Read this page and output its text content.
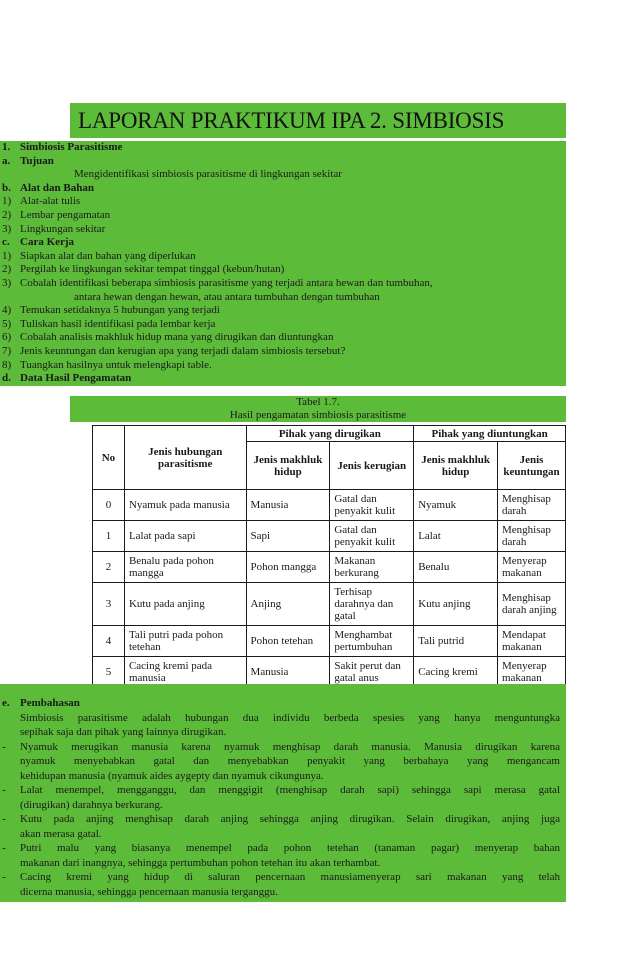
LAPORAN PRAKTIKUM IPA 2. SIMBIOSIS
1. Simbiosis Parasitisme
a. Tujuan
Mengidentifikasi simbiosis parasitisme di lingkungan sekitar
b. Alat dan Bahan
1) Alat-alat tulis
2) Lembar pengamatan
3) Lingkungan sekitar
c. Cara Kerja
1) Siapkan alat dan bahan yang diperlukan
2) Pergilah ke lingkungan sekitar tempat tinggal (kebun/hutan)
3) Cobalah identifikasi beberapa simbiosis parasitisme yang terjadi antara hewan dan tumbuhan,
antara hewan dengan hewan, atau antara tumbuhan dengan tumbuhan
4) Temukan setidaknya 5 hubungan yang terjadi
5) Tuliskan hasil identifikasi pada lembar kerja
6) Cobalah analisis makhluk hidup mana yang dirugikan dan diuntungkan
7) Jenis keuntungan dan kerugian apa yang terjadi dalam simbiosis tersebut?
8) Tuangkan hasilnya untuk melengkapi table.
d. Data Hasil Pengamatan
Tabel 1.7.
Hasil pengamatan simbiosis parasitisme
No	Jenis hubungan parasitisme	Pihak yang dirugikan		Pihak yang diuntungkan	
		Jenis makhluk hidup	Jenis kerugian	Jenis makhluk hidup	Jenis keuntungan
0	Nyamuk pada manusia	Manusia	Gatal dan penyakit kulit	Nyamuk	Menghisap darah
1	Lalat pada sapi	Sapi	Gatal dan penyakit kulit	Lalat	Menghisap darah
2	Benalu pada pohon mangga	Pohon mangga	Makanan berkurang	Benalu	Menyerap makanan
3	Kutu pada anjing	Anjing	Terhisap darahnya dan gatal	Kutu anjing	Menghisap darah anjing
4	Tali putri pada pohon tetehan	Pohon tetehan	Menghambat pertumbuhan	Tali putrid	Mendapat makanan
5	Cacing kremi pada manusia	Manusia	Sakit perut dan gatal anus	Cacing kremi	Menyerap makanan
e. Pembahasan
Simbiosis parasitisme adalah hubungan dua individu berbeda spesies yang hanya menguntungka
sepihak saja dan pihak yang lainnya dirugikan.
- Nyamuk merugikan manusia karena nyamuk menghisap darah manusia. Manusia dirugikan karena
nyamuk menyebabkan gatal dan menyebabkan penyakit yang berbahaya yang mengancam
kehidupan manusia (nyamuk aides aygepty dan nyamuk cikungunya.
- Lalat menempel, mengganggu, dan menggigit (menghisap darah sapi) sehingga sapi merasa gatal
(dirugikan) darahnya berkurang.
- Kutu pada anjing menghisap darah anjing sehingga anjing dirugikan. Selain dirugikan, anjing juga
akan merasa gatal.
- Putri malu yang biasanya menempel pada pohon tetehan (tanaman pagar) menyerap bahan
makanan dari inangnya, sehingga pertumbuhan pohon tetehan itu akan terhambat.
- Cacing kremi yang hidup di saluran pencernaan manusiamenyerap sari makanan yang telah
dicerna manusia, sehingga pencernaan manusia terganggu.
